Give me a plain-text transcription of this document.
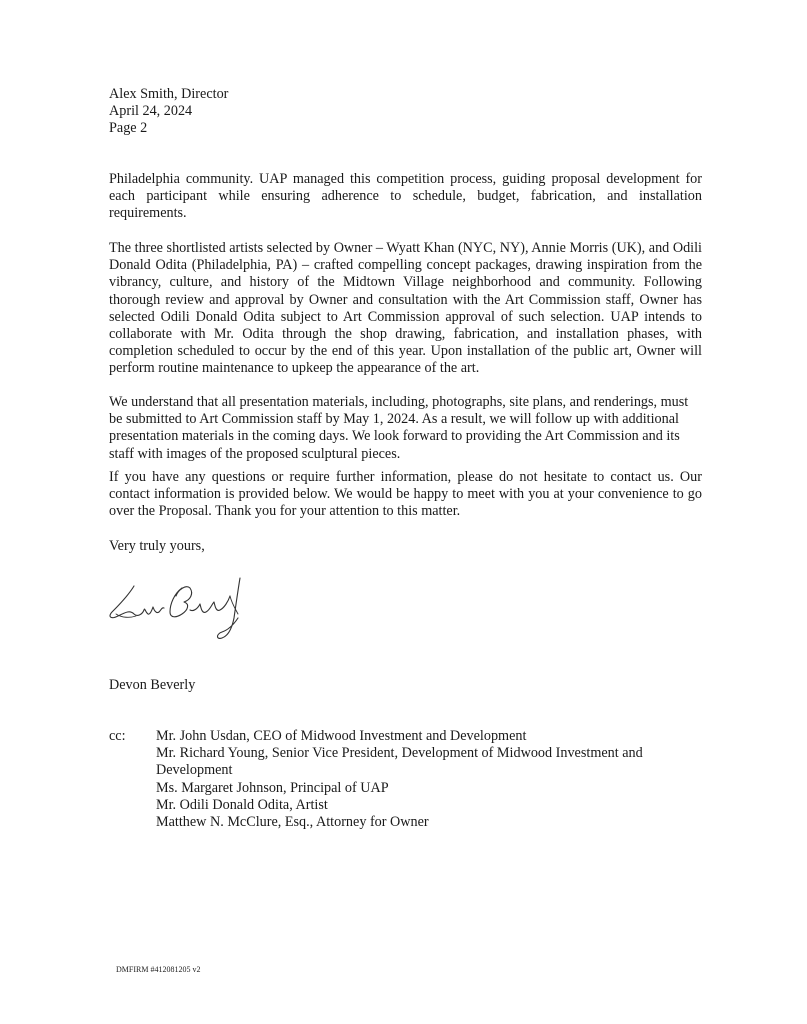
Alex Smith, Director
April 24, 2024
Page 2

Philadelphia community. UAP managed this competition process, guiding proposal development for each participant while ensuring adherence to schedule, budget, fabrication, and installation requirements.

The three shortlisted artists selected by Owner – Wyatt Khan (NYC, NY), Annie Morris (UK), and Odili Donald Odita (Philadelphia, PA) – crafted compelling concept packages, drawing inspiration from the vibrancy, culture, and history of the Midtown Village neighborhood and community. Following thorough review and approval by Owner and consultation with the Art Commission staff, Owner has selected Odili Donald Odita subject to Art Commission approval of such selection. UAP intends to collaborate with Mr. Odita through the shop drawing, fabrication, and installation phases, with completion scheduled to occur by the end of this year. Upon installation of the public art, Owner will perform routine maintenance to upkeep the appearance of the art.

We understand that all presentation materials, including, photographs, site plans, and renderings, must be submitted to Art Commission staff by May 1, 2024. As a result, we will follow up with additional presentation materials in the coming days. We look forward to providing the Art Commission and its staff with images of the proposed sculptural pieces.

If you have any questions or require further information, please do not hesitate to contact us. Our contact information is provided below. We would be happy to meet with you at your convenience to go over the Proposal. Thank you for your attention to this matter.

Very truly yours,
Devon Beverly
cc: Mr. John Usdan, CEO of Midwood Investment and Development
Mr. Richard Young, Senior Vice President, Development of Midwood Investment and Development
Ms. Margaret Johnson, Principal of UAP
Mr. Odili Donald Odita, Artist
Matthew N. McClure, Esq., Attorney for Owner
DMFIRM #412081205 v2
